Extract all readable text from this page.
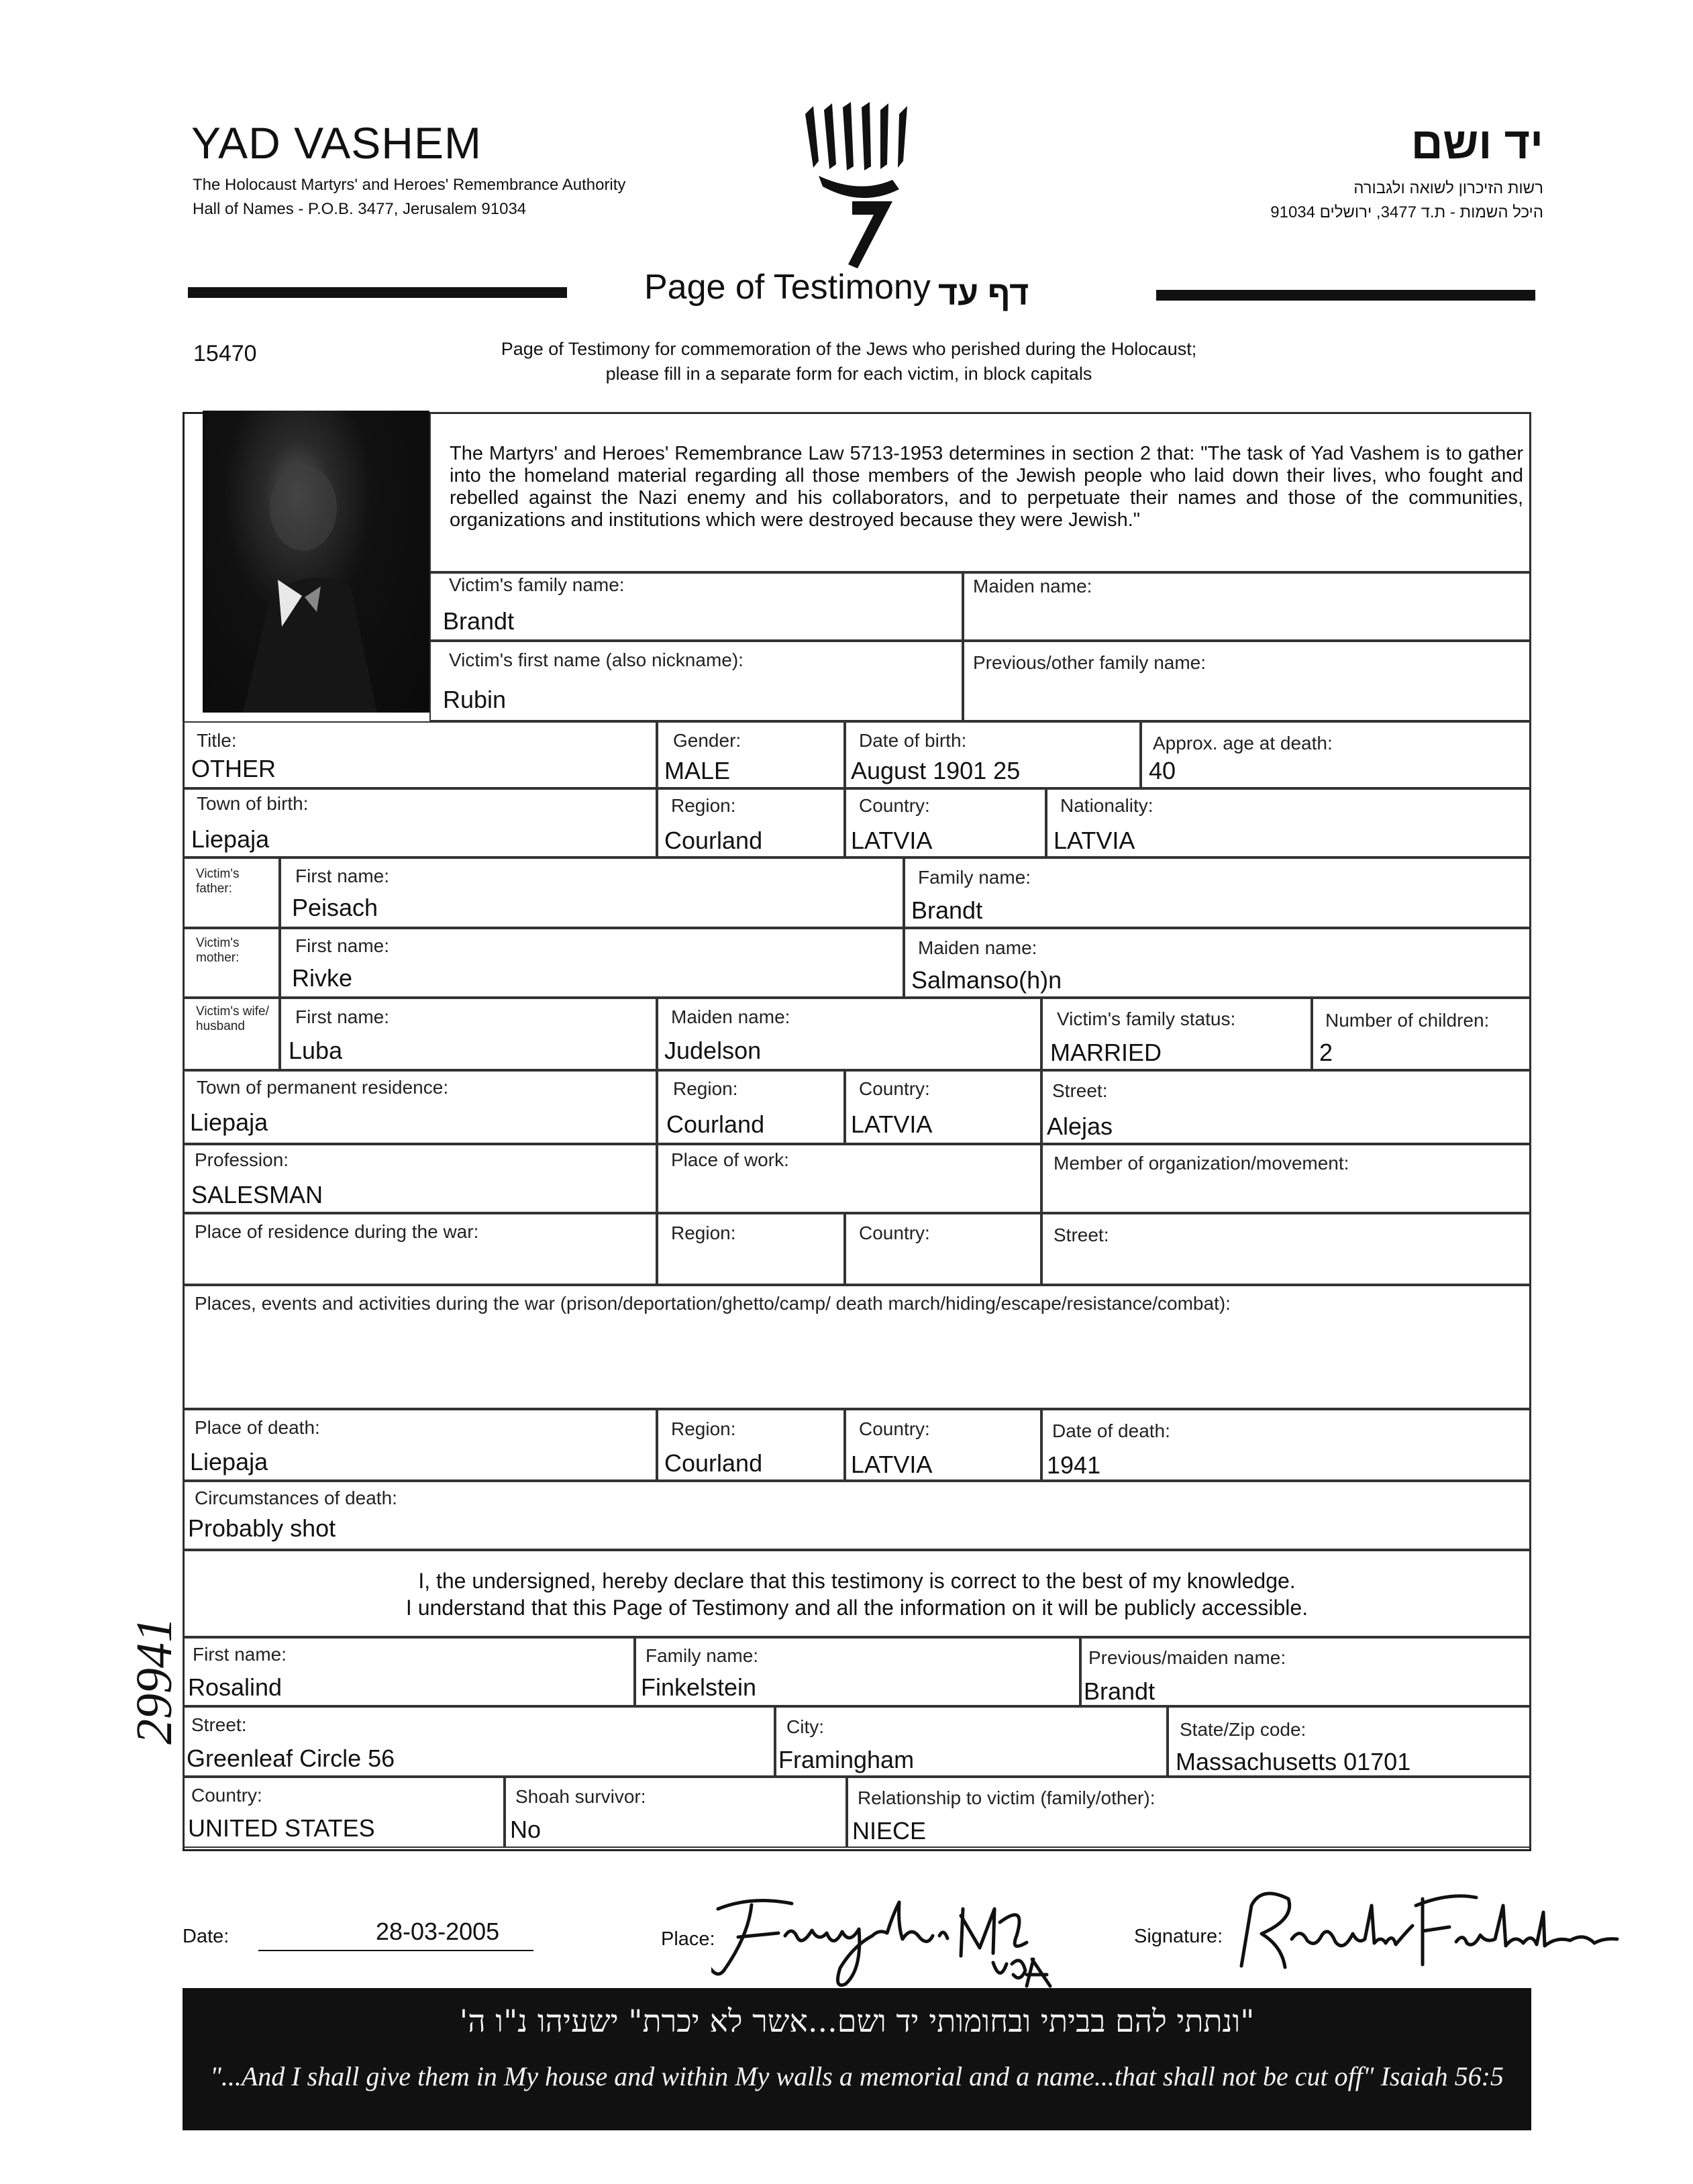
YAD VASHEM
The Holocaust Martyrs' and Heroes' Remembrance Authority
Hall of Names - P.O.B. 3477, Jerusalem 91034
יד ושם
רשות הזיכרון לשואה ולגבורה
היכל השמות - ת.ד 3477, ירושלים 91034
Page of Testimony דף עד
15470	Page of Testimony for commemoration of the Jews who perished during the Holocaust;
please fill in a separate form for each victim, in block capitals
The Martyrs' and Heroes' Remembrance Law 5713-1953 determines in section 2 that: "The task of Yad Vashem is to gather into the homeland material regarding all those members of the Jewish people who laid down their lives, who fought and rebelled against the Nazi enemy and his collaborators, and to perpetuate their names and those of the communities, organizations and institutions which were destroyed because they were Jewish."
Victim's family name:
Brandt
Maiden name:
Victim's first name (also nickname):
Rubin
Previous/other family name:
Title:
OTHER
Gender:
MALE
Date of birth:
August 1901 25
Approx. age at death:
40
Town of birth:
Liepaja
Region:
Courland
Country:
LATVIA
Nationality:
LATVIA
Victim's father:
First name:
Peisach
Family name:
Brandt
Victim's mother:
First name:
Rivke
Maiden name:
Salmanso(h)n
Victim's wife/ husband	First name:
Luba
Maiden name:
Judelson
Victim's family status:
MARRIED
Number of children:
2
Town of permanent residence:
Liepaja
Region:
Courland
Country:
LATVIA
Street:
Alejas
Profession:
SALESMAN
Place of work:	Member of organization/movement:
Place of residence during the war:	Region:	Country:	Street:
Places, events and activities during the war (prison/deportation/ghetto/camp/ death march/hiding/escape/resistance/combat):
Place of death:
Liepaja
Region:
Courland
Country:
LATVIA
Date of death:
1941
Circumstances of death:
Probably shot
I, the undersigned, hereby declare that this testimony is correct to the best of my knowledge.
I understand that this Page of Testimony and all the information on it will be publicly accessible.
First name:
Rosalind
Family name:
Finkelstein
Previous/maiden name:
Brandt
Street:
Greenleaf Circle 56
City:
Framingham
State/Zip code:
Massachusetts 01701
Country:
UNITED STATES
Shoah survivor:
No
Relationship to victim (family/other):
NIECE
29941
Date:	28-03-2005	Place:	Signature:
"ונתתי להם בביתי ובחומותי יד ושם...אשר לא יכרת" ישעיהו נ"ו ה'
"...And I shall give them in My house and within My walls a memorial and a name...that shall not be cut off" Isaiah 56:5
